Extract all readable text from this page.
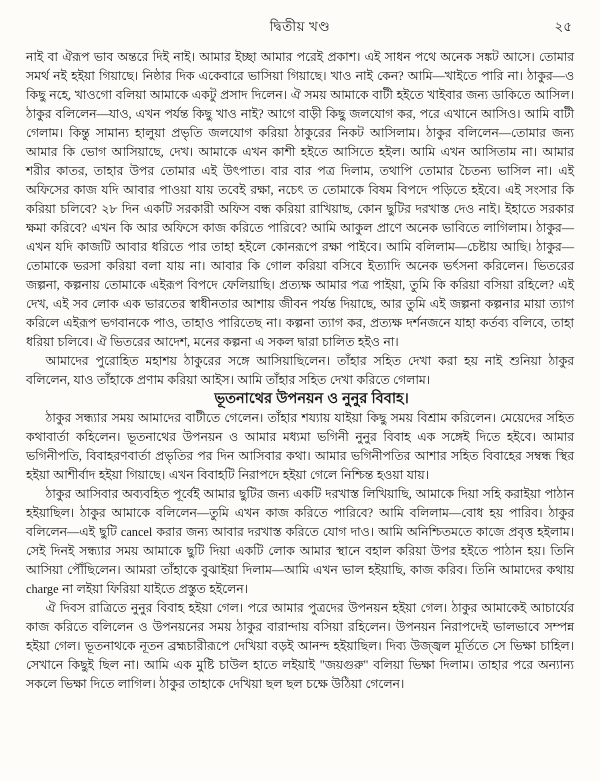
দ্বিতীয় খণ্ড	২৫

নাই বা ঐরূপ ভাব অন্তরে দিই নাই। আমার ইচ্ছা আমার পরেই প্রকাশ। এই সাধন পথে অনেক সঙ্কট আসে। তোমার সমর্থ নই হইয়া গিয়াছে। নিষ্ঠার দিক একেবারে ভাসিয়া গিয়াছে। খাও নাই কেন? আমি—খাইতে পারি না। ঠাকুর—ও কিছু নহে, খাওগো বলিয়া আমাকে একটু প্রসাদ দিলেন। ঐ সময় আমাকে বাটী হইতে খাইবার জন্য ডাকিতে আসিল। ঠাকুর বলিলেন—যাও, এখন পর্যন্ত কিছু খাও নাই? আগে বাড়ী কিছু জলযোগ কর, পরে এখানে আসিও। আমি বাটী গেলাম। কিন্তু সামান্য হালুয়া প্রভৃতি জলযোগ করিয়া ঠাকুরের নিকট আসিলাম। ঠাকুর বলিলেন—তোমার জন্য আমার কি ভোগ আসিয়াছে, দেখ। আমাকে এখন কাশী হইতে আসিতে হইল। আমি এখন আসিতাম না। আমার শরীর কাতর, তাহার উপর তোমার এই উৎপাত। বার বার পত্র দিলাম, তথাপি তোমার চৈতন্য ভাসিল না। এই অফিসের কাজ যদি আবার পাওয়া যায় তবেই রক্ষা, নচেৎ ত তোমাকে বিষম বিপদে পড়িতে হইবে। এই সংসার কি করিয়া চলিবে? ২৮ দিন একটি সরকারী অফিস বন্ধ করিয়া রাখিয়াছ, কোন ছুটির দরখাস্ত দেও নাই। ইহাতে সরকার ক্ষমা করিবে? এখন কি আর অফিসে কাজ করিতে পারিবে? আমি আকুল প্রাণে অনেক ভাবিতে লাগিলাম। ঠাকুর—এখন যদি কাজটি আবার ধরিতে পার তাহা হইলে কোনরূপে রক্ষা পাইবে। আমি বলিলাম—চেষ্টায় আছি। ঠাকুর—তোমাকে ভরসা করিয়া বলা যায় না। আবার কি গোল করিয়া বসিবে ইত্যাদি অনেক ভর্ৎসনা করিলেন। ভিতরের জল্পনা, কল্পনায় তোমাকে এইরূপ বিপদে ফেলিয়াছি। প্রত্যক্ষ আমার পত্র পাইয়া, তুমি কি করিয়া বসিয়া রহিলে? এই দেখ, এই সব লোক এক ভারতের স্বাধীনতার আশায় জীবন পর্যন্ত দিয়াছে, আর তুমি এই জল্পনা কল্পনার মায়া ত্যাগ করিলে এইরূপ ভগবানকে পাও, তাহাও পারিতেছ না। কল্পনা ত্যাগ কর, প্রত্যক্ষ দর্শনজনে যাহা কর্তব্য বলিবে, তাহা ধরিয়া চলিবে। ঐ ভিতরের আদেশ, মনের কল্পনা এ সকল দ্বারা চালিত হইও না।

আমাদের পুরোহিত মহাশয় ঠাকুরের সঙ্গে আসিয়াছিলেন। তাঁহার সহিত দেখা করা হয় নাই শুনিয়া ঠাকুর বলিলেন, যাও তাঁহাকে প্রণাম করিয়া আইস। আমি তাঁহার সহিত দেখা করিতে গেলাম।

ভূতনাথের উপনয়ন ও নুনুর বিবাহ।

ঠাকুর সন্ধ্যার সময় আমাদের বাটীতে গেলেন। তাঁহার শয্যায় যাইয়া কিছু সময় বিশ্রাম করিলেন। মেয়েদের সহিত কথাবার্তা কহিলেন। ভূতনাথের উপনয়ন ও আমার মধ্যমা ভগিনী নুনুর বিবাহ এক সঙ্গেই দিতে হইবে। আমার ভগিনীপতি, বিবাহরণবার্তা প্রভৃতির পর দিন আসিবার কথা। আমার ভগিনীপতির আশার সহিত বিবাহের সম্বন্ধ স্থির হইয়া আশীর্বাদ হইয়া গিয়াছে। এখন বিবাহটি নিরাপদে হইয়া গেলে নিশ্চিন্ত হওয়া যায়।

ঠাকুর আসিবার অব্যবহিত পূর্বেই আমার ছুটির জন্য একটি দরখাস্ত লিখিয়াছি, আমাকে দিয়া সহি করাইয়া পাঠান হইয়াছিল। ঠাকুর আমাকে বলিলেন—তুমি এখন কাজ করিতে পারিবে? আমি বলিলাম—বোধ হয় পারিব। ঠাকুর বলিলেন—এই ছুটি cancel করার জন্য আবার দরখাস্ত করিতে যোগ দাও। আমি অনিশ্চিতমতে কাজে প্রবৃত্ত হইলাম। সেই দিনই সন্ধ্যার সময় আমাকে ছুটি দিয়া একটি লোক আমার স্থানে বহাল করিয়া উপর হইতে পাঠান হয়। তিনি আসিয়া পৌঁছিলেন। আমরা তাঁহাকে বুঝাইয়া দিলাম—আমি এখন ভাল হইয়াছি, কাজ করিব। তিনি আমাদের কথায় charge না লইয়া ফিরিয়া যাইতে প্রস্তুত হইলেন।

ঐ দিবস রাত্রিতে নুনুর বিবাহ হইয়া গেল। পরে আমার পুত্রদের উপনয়ন হইয়া গেল। ঠাকুর আমাকেই আচার্যের কাজ করিতে বলিলেন ও উপনয়নের সময় ঠাকুর বারান্দায় বসিয়া রহিলেন। উপনয়ন নিরাপদেই ভালভাবে সম্পন্ন হইয়া গেল। ভূতনাথকে নূতন ব্রহ্মচারীরূপে দেখিয়া বড়ই আনন্দ হইয়াছিল। দিব্য উজ্জ্বল মূর্তিতে সে ভিক্ষা চাহিল। সেখানে কিছুই ছিল না। আমি এক মুষ্টি চাউল হাতে লইয়াই "জয়গুরু" বলিয়া ভিক্ষা দিলাম। তাহার পরে অন্যান্য সকলে ভিক্ষা দিতে লাগিল। ঠাকুর তাহাকে দেখিয়া ছল ছল চক্ষে উঠিয়া গেলেন।
